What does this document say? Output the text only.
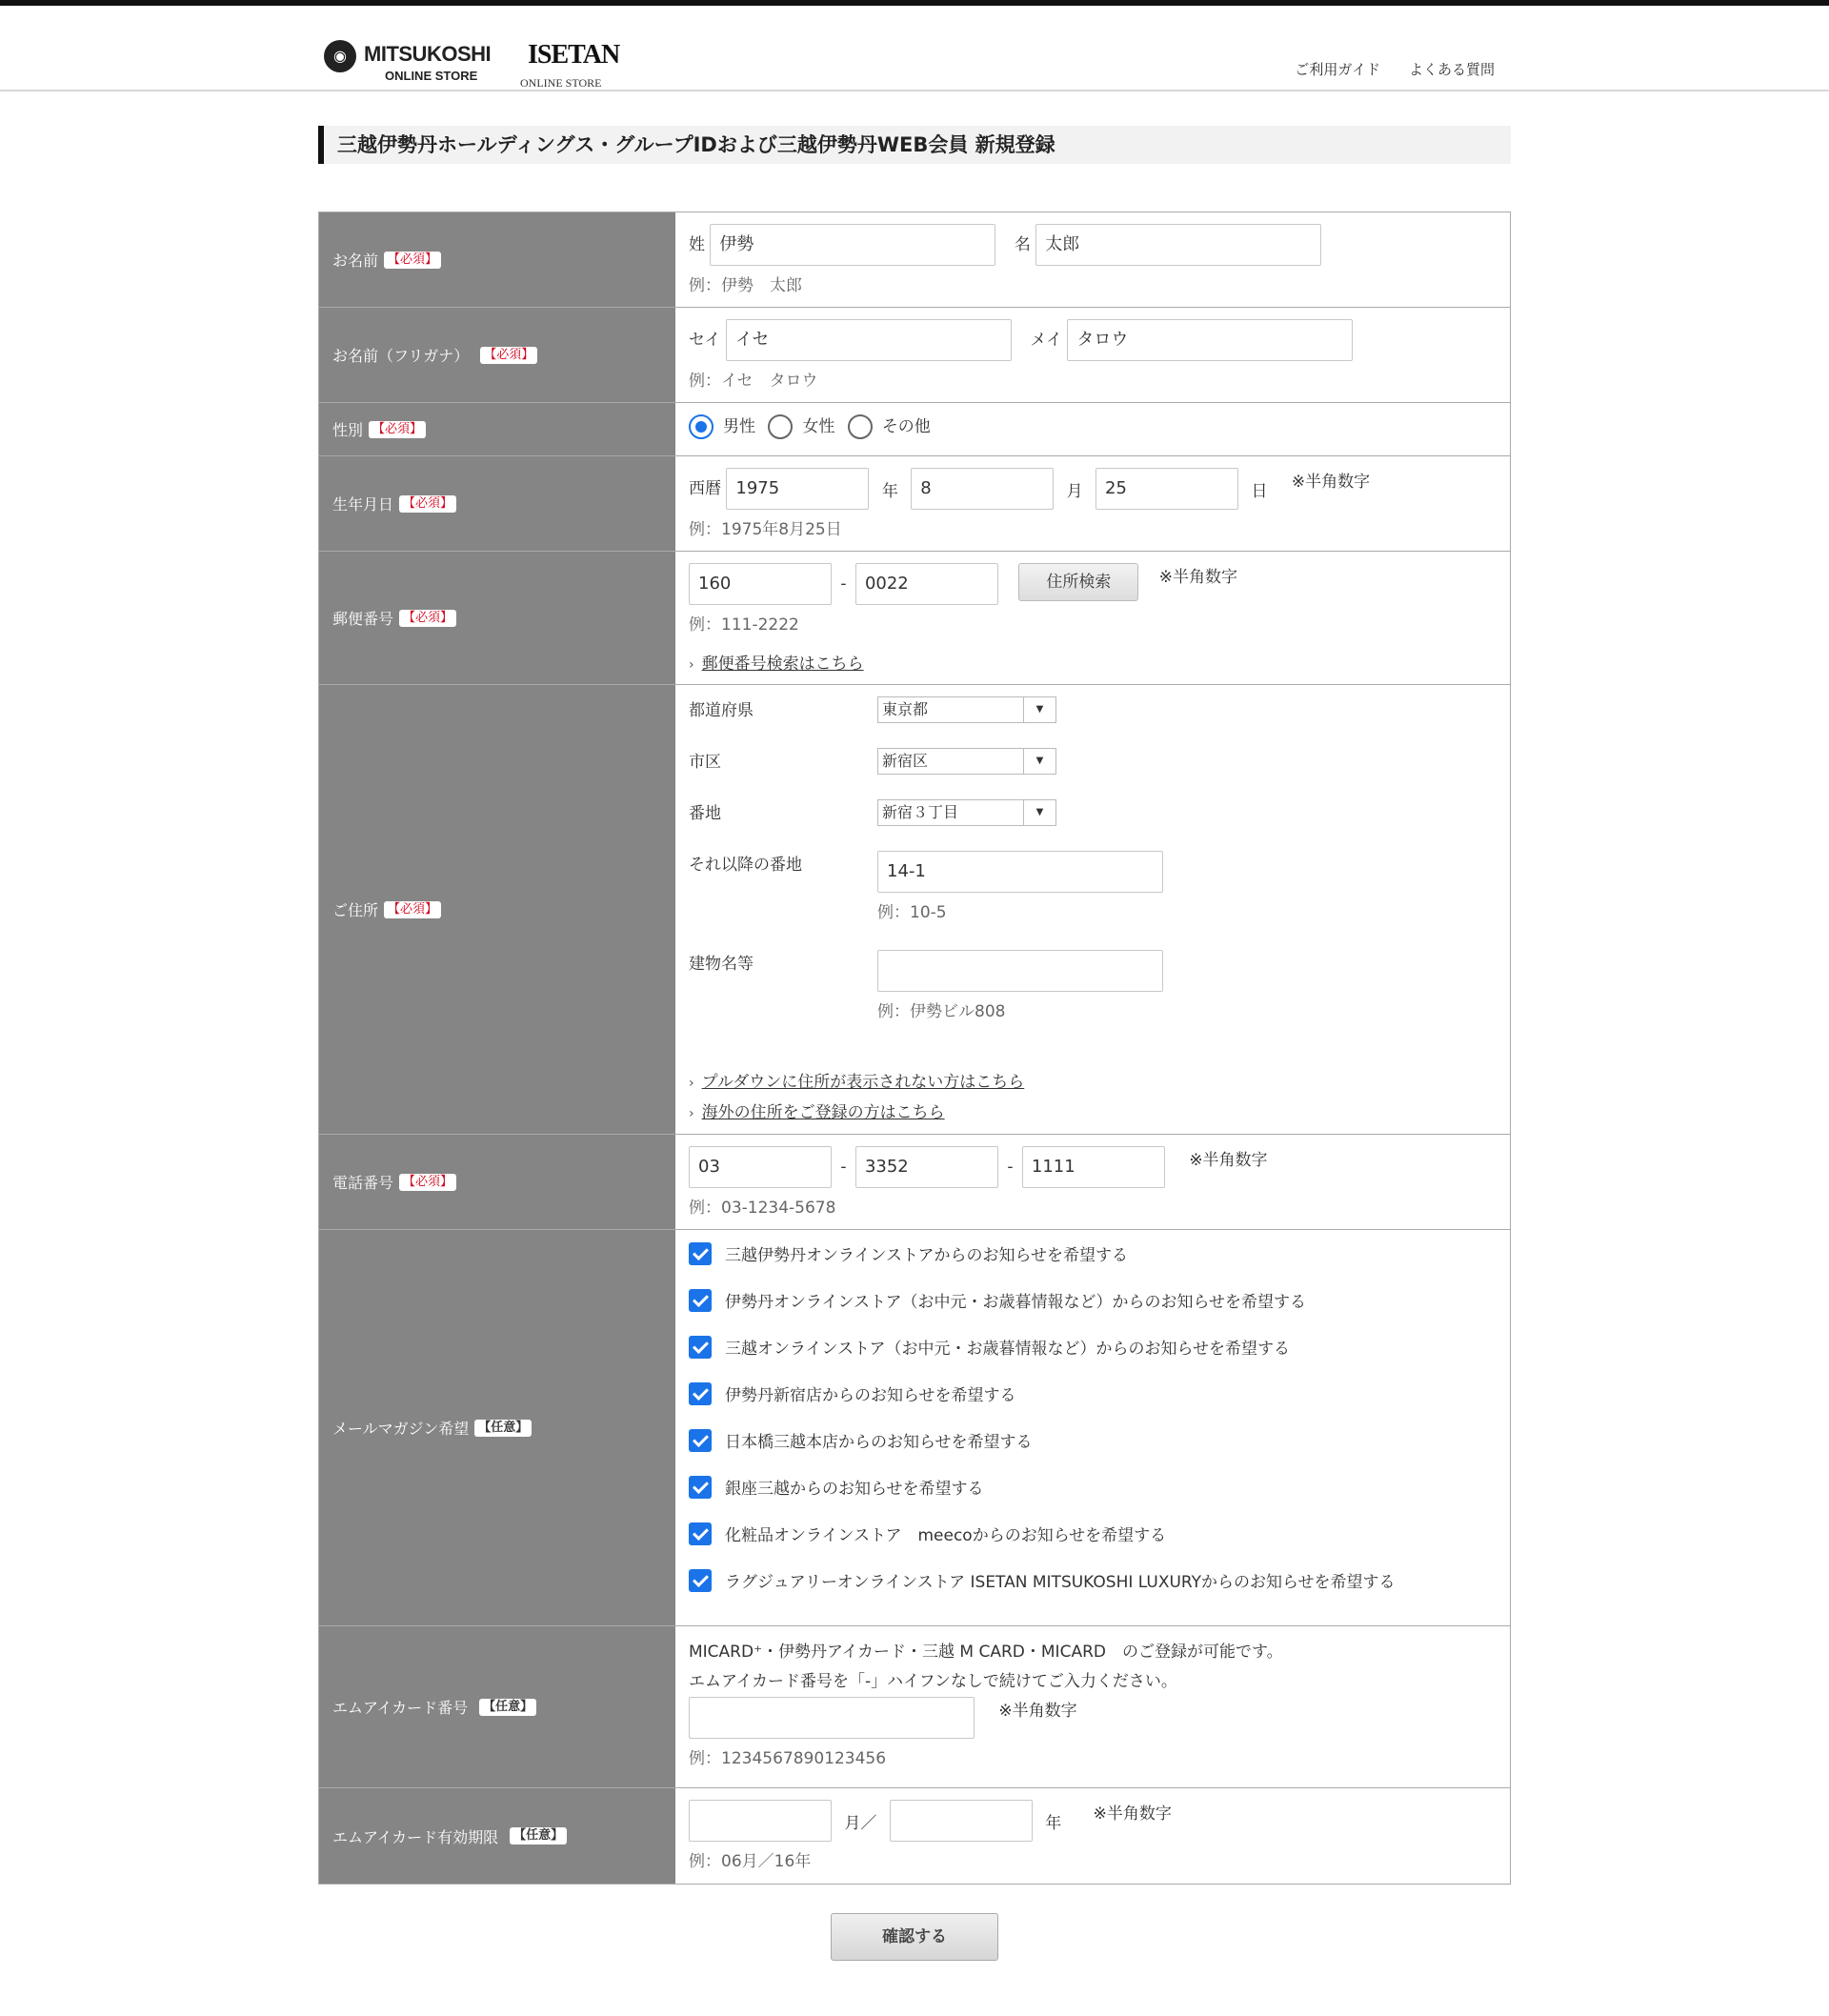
◉ MITSUKOSHI
ONLINE STORE
ISETAN
ONLINE STORE
ご利用ガイド よくある質問
三越伊勢丹ホールディングス・グループIDおよび三越伊勢丹WEB会員 新規登録
お名前 【必須】
姓 伊勢	名 太郎
例：伊勢　太郎
お名前（フリガナ）	【必須】
セイ イセ	メイ タロウ
例：イセ　タロウ
性別 【必須】	男性	女性	その他
生年月日 【必須】
西暦 1975	年 8	月 25	日 ※半角数字
例：1975年8月25日
郵便番号 【必須】
160	- 0022	住所検索	※半角数字
例：111-2222
› 郵便番号検索はこちら
ご住所 【必須】
都道府県	東京都	▼
市区	新宿区	▼
番地	新宿３丁目	▼
それ以降の番地	14-1
例：10-5
建物名等
例：伊勢ビル808
› プルダウンに住所が表示されない方はこちら
› 海外の住所をご登録の方はこちら
電話番号 【必須】
03	- 3352	- 1111	※半角数字
例：03-1234-5678
メールマガジン希望 【任意】
三越伊勢丹オンラインストアからのお知らせを希望する
伊勢丹オンラインストア（お中元・お歳暮情報など）からのお知らせを希望する
三越オンラインストア（お中元・お歳暮情報など）からのお知らせを希望する
伊勢丹新宿店からのお知らせを希望する
日本橋三越本店からのお知らせを希望する
銀座三越からのお知らせを希望する
化粧品オンラインストア　meecoからのお知らせを希望する
ラグジュアリーオンラインストア ISETAN MITSUKOSHI LUXURYからのお知らせを希望する
エムアイカード番号	【任意】
MICARD⁺・伊勢丹アイカード・三越 M CARD・MICARD　のご登録が可能です。
エムアイカード番号を「-」ハイフンなしで続けてご入力ください。
※半角数字
例：1234567890123456
エムアイカード有効期限	【任意】
月／	年 ※半角数字
例：06月／16年
確認する
